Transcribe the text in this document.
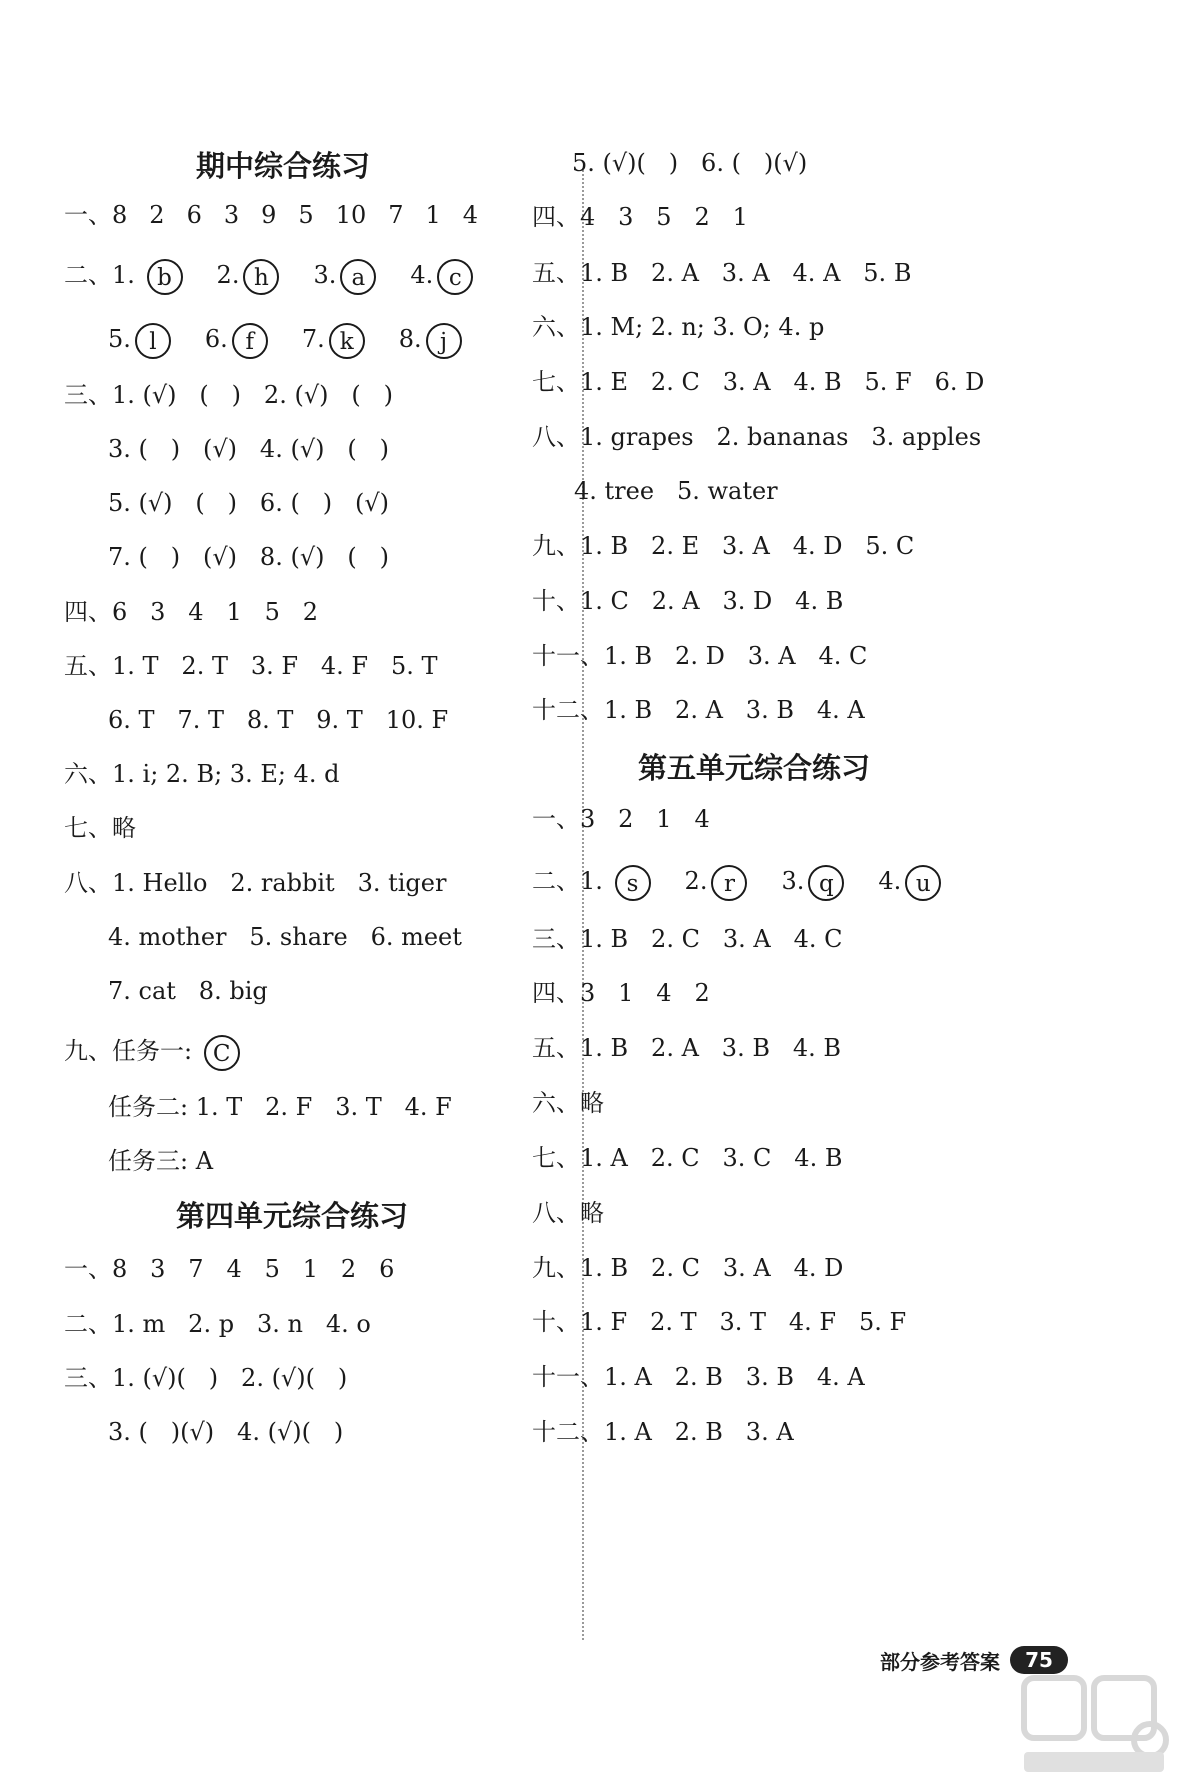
期中综合练习
一、8 2 6 3 9 5 10 7 1 4
二、1. b 2. h 3. a 4. c
5. l 6. f 7. k 8. j
三、1. (√)   (   )   2. (√)   (   )
3. (   )   (√)   4. (√)   (   )
5. (√)   (   )   6. (   )   (√)
7. (   )   (√)   8. (√)   (   )
四、6   3   4   1   5   2
五、1. T   2. T   3. F   4. F   5. T
6. T   7. T   8. T   9. T   10. F
六、1. i; 2. B; 3. E; 4. d
七、略
八、1. Hello   2. rabbit   3. tiger
4. mother   5. share   6. meet
7. cat   8. big
九、任务一: C
任务二: 1. T   2. F   3. T   4. F
任务三: A
第四单元综合练习
一、8   3   7   4   5   1   2   6
二、1. m   2. p   3. n   4. o
三、1. (√)(   )   2. (√)(   )
3. (   )(√)   4. (√)(   )
5. (√)(   )   6. (   )(√)
四、4   3   5   2   1
五、1. B   2. A   3. A   4. A   5. B
六、1. M; 2. n; 3. O; 4. p
七、1. E   2. C   3. A   4. B   5. F   6. D
八、1. grapes   2. bananas   3. apples
4. tree   5. water
九、1. B   2. E   3. A   4. D   5. C
十、1. C   2. A   3. D   4. B
十一、1. B   2. D   3. A   4. C
十二、1. B   2. A   3. B   4. A
第五单元综合练习
一、3   2   1   4
二、1. s 2. r 3. q 4. u
三、1. B   2. C   3. A   4. C
四、3   1   4   2
五、1. B   2. A   3. B   4. B
六、略
七、1. A   2. C   3. C   4. B
八、略
九、1. B   2. C   3. A   4. D
十、1. F   2. T   3. T   4. F   5. F
十一、1. A   2. B   3. B   4. A
十二、1. A   2. B   3. A
部分参考答案	75
